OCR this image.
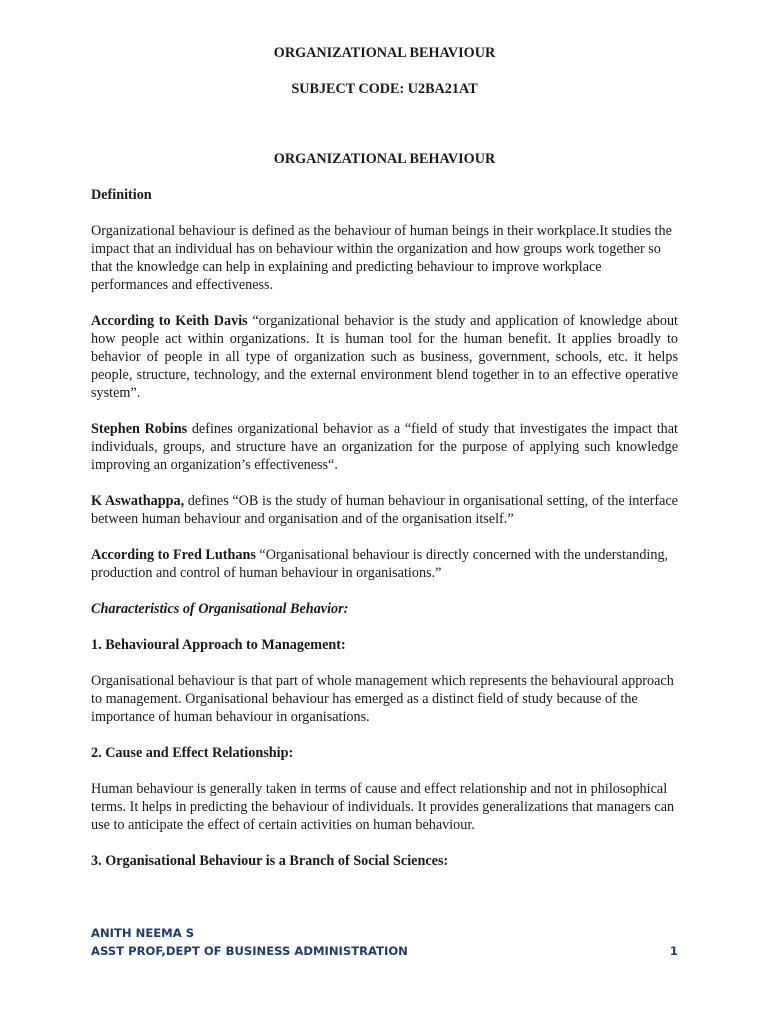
ORGANIZATIONAL BEHAVIOUR
SUBJECT CODE: U2BA21AT
ORGANIZATIONAL BEHAVIOUR
Definition

Organizational behaviour is defined as the behaviour of human beings in their workplace.It studies the impact that an individual has on behaviour within the organization and how groups work together so that the knowledge can help in explaining and predicting behaviour to improve workplace performances and effectiveness.

According to Keith Davis “organizational behavior is the study and application of knowledge about how people act within organizations. It is human tool for the human benefit. It applies broadly to behavior of people in all type of organization such as business, government, schools, etc. it helps people, structure, technology, and the external environment blend together in to an effective operative system”.

Stephen Robins defines organizational behavior as a “field of study that investigates the impact that individuals, groups, and structure have an organization for the purpose of applying such knowledge improving an organization’s effectiveness“.

K Aswathappa, defines “OB is the study of human behaviour in organisational setting, of the interface between human behaviour and organisation and of the organisation itself.”

According to Fred Luthans “Organisational behaviour is directly concerned with the understanding, production and control of human behaviour in organisations.”

Characteristics of Organisational Behavior:

1. Behavioural Approach to Management:

Organisational behaviour is that part of whole management which represents the behavioural approach to management. Organisational behaviour has emerged as a distinct field of study because of the importance of human behaviour in organisations.

2. Cause and Effect Relationship:

Human behaviour is generally taken in terms of cause and effect relationship and not in philosophical terms. It helps in predicting the behaviour of individuals. It provides generalizations that managers can use to anticipate the effect of certain activities on human behaviour.

3. Organisational Behaviour is a Branch of Social Sciences:

ANITH NEEMA S
ASST PROF,DEPT OF BUSINESS ADMINISTRATION	1
